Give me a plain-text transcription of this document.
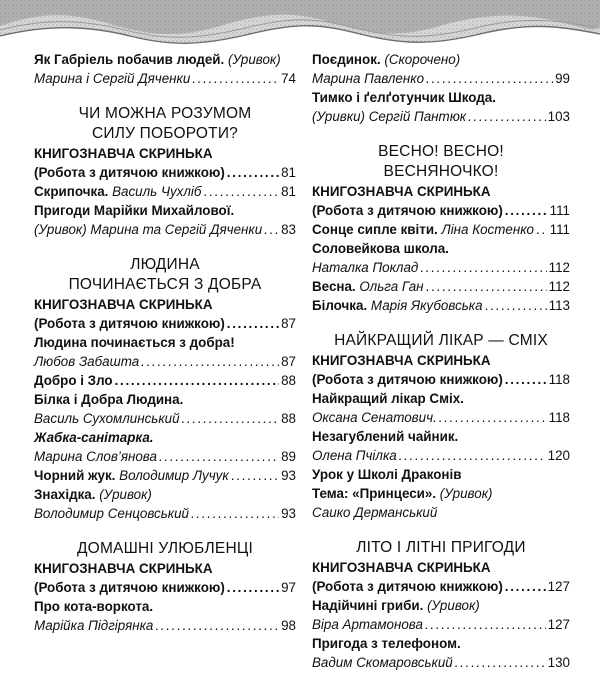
Як Габріель побачив людей. (Уривок)
Марина і Сергій Дяченки . . .	74
ЧИ МОЖНА РОЗУМОМ
СИЛУ ПОБОРОТИ?
КНИГОЗНАВЧА СКРИНЬКА
(Робота з дитячою книжкою) . . .	81
Скрипочка. Василь Чухліб . . .	81
Пригоди Марійки Михайлової.
(Уривок) Марина та Сергій Дяченки . . . 83
ЛЮДИНА
ПОЧИНАЄТЬСЯ З ДОБРА
КНИГОЗНАВЧА СКРИНЬКА
(Робота з дитячою книжкою) . . .	87
Людина починається з добра!
Любов Забашта . . .	87
Добро і Зло . . .	88
Білка і Добра Людина.
Василь Сухомлинський . . .	88
Жабка-санітарка.
Марина Слов’янова . . .	89
Чорний жук. Володимир Лучук . . .	93
Знахідка. (Уривок)
Володимир Сенцовський . . .	93
ДОМАШНІ УЛЮБЛЕНЦІ
КНИГОЗНАВЧА СКРИНЬКА
(Робота з дитячою книжкою) . . .	97
Про кота-воркота.
Марійка Підгірянка . . .	98
Поєдинок. (Скорочено)
Марина Павленко . . .	99
Тимко і ґелґотунчик Шкода.
(Уривки) Сергій Пантюк . . .	103
ВЕСНО! ВЕСНО!
ВЕСНЯНОЧКО!
КНИГОЗНАВЧА СКРИНЬКА
(Робота з дитячою книжкою) . . .	111
Сонце сипле квіти. Ліна Костенко . . . 111
Соловейкова школа.
Наталка Поклад . . .	112
Весна. Ольга Ган . . .	112
Білочка. Марія Якубовська . . .	113
НАЙКРАЩИЙ ЛІКАР — СМІХ
КНИГОЗНАВЧА СКРИНЬКА
(Робота з дитячою книжкою) . . .	118
Найкращий лікар Сміх.
Оксана Сенатович. . . .	118
Незагублений чайник.
Олена Пчілка . . .	120
Урок у Школі Драконів
Тема: «Принцеси». (Уривок)
Саико Дерманський
ЛІТО І ЛІТНІ ПРИГОДИ
КНИГОЗНАВЧА СКРИНЬКА
(Робота з дитячою книжкою) . . .	127
Надійчині гриби. (Уривок)
Віра Артамонова . . .	127
Пригода з телефоном.
Вадим Скомаровський . . .	130
